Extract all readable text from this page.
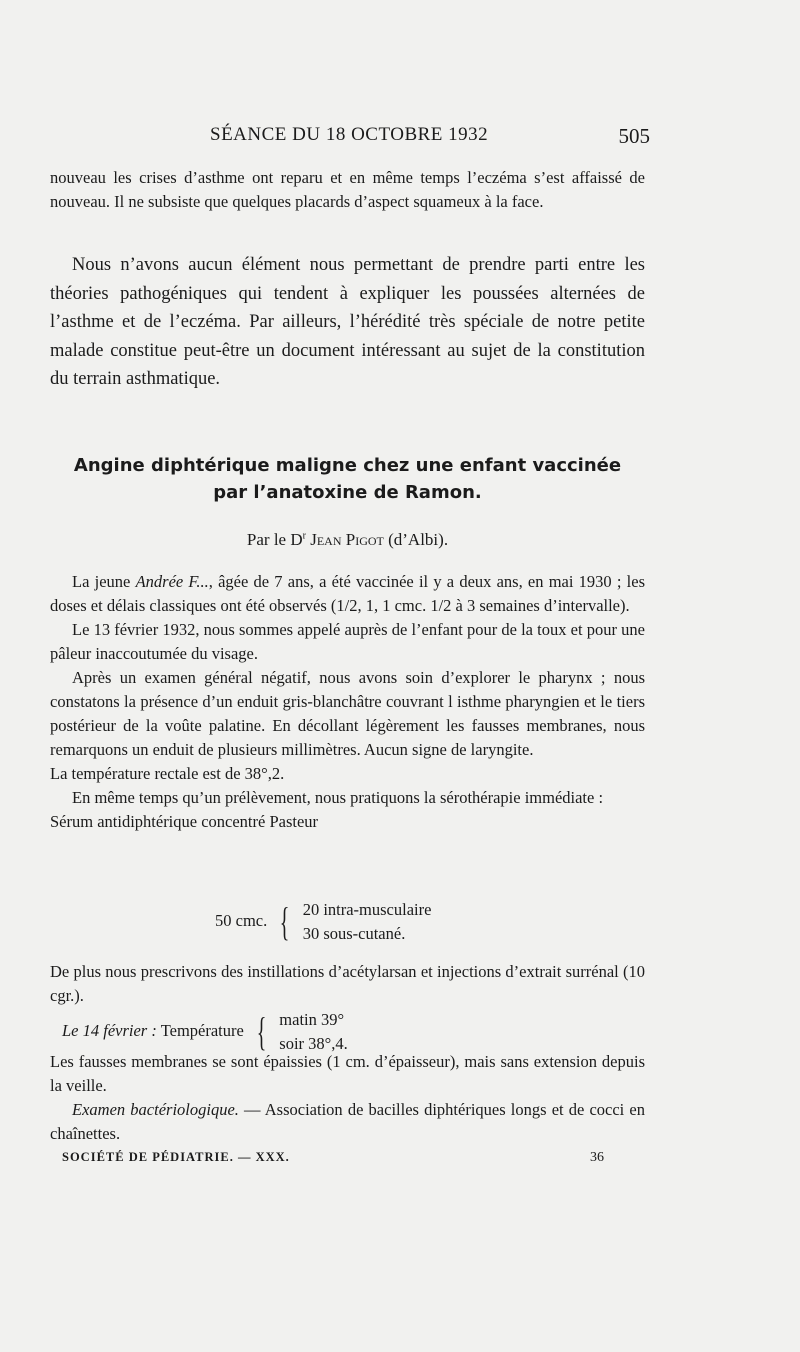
SÉANCE DU 18 OCTOBRE 1932	505

nouveau les crises d’asthme ont reparu et en même temps l’eczéma s’est affaissé de nouveau. Il ne subsiste que quelques placards d’aspect squameux à la face.

Nous n’avons aucun élément nous permettant de prendre parti entre les théories pathogéniques qui tendent à expliquer les poussées alternées de l’asthme et de l’eczéma. Par ailleurs, l’hérédité très spéciale de notre petite malade constitue peut-être un document intéressant au sujet de la constitution du terrain asthmatique.

Angine diphtérique maligne chez une enfant vaccinée
par l’anatoxine de Ramon.
Par le $D^r$ Jean Pigot (d’Albi).

La jeune Andrée F..., âgée de 7 ans, a été vaccinée il y a deux ans, en mai 1930 ; les doses et délais classiques ont été observés (1/2, 1, 1 cmc. 1/2 à 3 semaines d’intervalle).

Le 13 février 1932, nous sommes appelé auprès de l’enfant pour de la toux et pour une pâleur inaccoutumée du visage.

Après un examen général négatif, nous avons soin d’explorer le pharynx ; nous constatons la présence d’un enduit gris-blanchâtre couvrant l isthme pharyngien et le tiers postérieur de la voûte palatine. En décollant légèrement les fausses membranes, nous remarquons un enduit de plusieurs millimètres. Aucun signe de laryngite.

La température rectale est de 38°,2.

En même temps qu’un prélèvement, nous pratiquons la sérothérapie immédiate :

Sérum antidiphtérique concentré Pasteur

50 cmc. { 20 intra-musculaire
30 sous-cutané.

De plus nous prescrivons des instillations d’acétylarsan et injections d’extrait surrénal (10 cgr.).

Le 14 février : Température { matin 39°
soir 38°,4.

Les fausses membranes se sont épaissies (1 cm. d’épaisseur), mais sans extension depuis la veille.

Examen bactériologique. — Association de bacilles diphtériques longs et de cocci en chaînettes.

SOCIÉTÉ DE PÉDIATRIE. — XXX.	36
